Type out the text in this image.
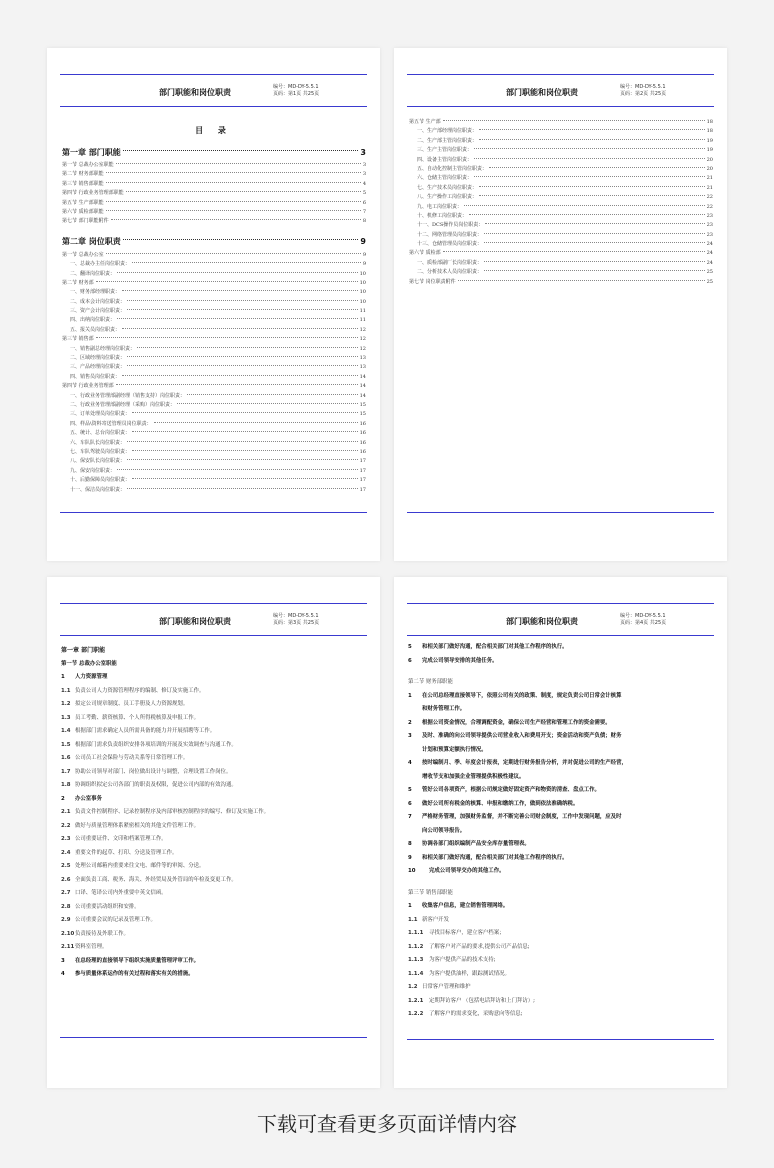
部门职能和岗位职责
编号：MD-DY-5.5.1
页码：第1页 共25页
目 录
第一章 部门职能	3
第一节 总裁办公室职能	3
第二节 财务部职能	3
第三节 销售部职能	4
第四节 行政业务管理部职能	5
第五节 生产部职能	6
第六节 质检部职能	7
第七节 部门职能附件	8
第二章 岗位职责	9
第一节 总裁办公室	9
一、总裁办主任岗位职责：	9
二、翻译岗位职责：	10
第二节 财务部	10
一、财务部经理职责：	10
二、成本会计岗位职责：	10
三、资产会计岗位职责：	11
四、出纳岗位职责：	11
五、报关员岗位职责：	12
第三节 销售部	12
一、销售副总经理岗位职责：	12
二、区域经理岗位职责：	13
三、产品经理岗位职责：	13
四、销售员岗位职责：	14
第四节 行政业务管理部	14
一、行政业务管理部副经理（销售支持）岗位职责：	14
二、行政业务管理部副经理（采购）岗位职责：	15
三、订单处理员岗位职责：	15
四、样品\资料寄送管理员岗位职责：	16
五、统计、总台岗位职责：	16
六、车队队长岗位职责：	16
七、车队驾驶员岗位职责：	16
八、保安队长岗位职责：	17
九、保安岗位职责：	17
十、后勤保障员岗位职责：	17
十一、保洁员岗位职责：	17
部门职能和岗位职责
编号：MD-DY-5.5.1
页码：第2页 共25页
第五节 生产部	18
一、生产部经理岗位职责：	18
二、生产部主管岗位职责：	19
三、生产主管岗位职责：	19
四、设备主管岗位职责：	20
五、自动化控制主管岗位职责：	20
六、仓储主管岗位职责：	21
七、生产技术员岗位职责：	21
八、生产操作工岗位职责：	22
九、电工岗位职责：	22
十、机修工岗位职责：	23
十一、DCS操作员岗位职责：	23
十二、网络管理员岗位职责：	23
十三、仓储管理员岗位职责：	24
第六节 质检部	24
一、质检部副厂长岗位职责：	24
二、分析技术人员岗位职责：	25
第七节 岗位职责附件	25
部门职能和岗位职责
编号：MD-DY-5.5.1
页码：第3页 共25页
第一章 部门职能
第一节 总裁办公室职能
1 人力资源管理
1.1 负责公司人力资源管理程序的编制、修订及实施工作。
1.2 拟定公司规章制度、员工手册及人力资源规划。
1.3 员工考勤、薪资核算、个人所得税核算及申报工作。
1.4 根据部门需求确定人员所需具备的能力并开展招聘等工作。
1.5 根据部门需求负责组织安排各项培训的开展及实效调查与沟通工作。
1.6 公司员工社会保险与劳动关系等日常管理工作。
1.7 协助公司领导对部门、岗位做出设计与调整，合理设置工作岗位。
1.8 协调组织拟定公司各部门的职责及权限，促进公司内部的有效沟通。
2 办公室事务
2.1 负责文件控制程序、记录控制程序及内部审核控制程序的编写、修订及实施工作。
2.2 做好与质量管理体系紧密相关的其他文件管理工作。
2.3 公司重要证件、文印和档案管理工作。
2.4 重要文件的起草、打印、分送及管理工作。
2.5 处理公司邮箱内重要来往文电、邮件等的审阅、分送。
2.6 全面负责工商、税务、海关、外经贸局及外管局的年检及变更工作。
2.7 口译、笔译公司内外重要中英文信函。
2.8 公司重要活动组织和安排。
2.9 公司重要会议的记录及管理工作。
2.10负责接待及外联工作。
2.11资料室管理。
3 在总经理的直接领导下组织实施质量管理评审工作。
4 参与质量体系运作的有关过程和落实有关的措施。
部门职能和岗位职责
编号：MD-DY-5.5.1
页码：第4页 共25页
5 和相关部门做好沟通，配合相关部门对其他工作程序的执行。
6 完成公司领导安排的其他任务。
第二节 财务部职能
1 在公司总经理直接领导下，依照公司有关的政策、制度，规定负责公司日常会计核算
和财务管理工作。
2 根据公司资金情况，合理调配资金，确保公司生产经营和管理工作的资金需要。
3 及时、准确的向公司领导提供公司营业收入和费用开支；资金活动和资产负债；财务
计划和预算定额执行情况。
4 按时编制月、季、年度会计报表，定期进行财务报告分析，并对促进公司的生产经营，
增收节支和加强企业管理提供积极性建议。
5 管好公司各项资产，根据公司规定做好固定资产和物资的清查、盘点工作。
6 做好公司所有税金的核算、申报和缴纳工作，做到依法准确纳税。
7 严格财务管理，加强财务监督，并不断完善公司财会制度，工作中发现问题，应及时
向公司领导报告。
8 协调各部门组织编制产品安全库存量管理表。
9 和相关部门做好沟通，配合相关部门对其他工作程序的执行。
10 完成公司领导交办的其他工作。
第三节 销售部职能
1 收集客户信息，建立销售管理网络。
1.1 新客户开发
1.1.1 寻找目标客户，建立客户档案；
1.1.2 了解客户对产品的要求,提供公司产品信息;
1.1.3 为客户提供产品的技术支持;
1.1.4 为客户提供油样，跟踪测试情况。
1.2 日常客户管理和维护
1.2.1 定期拜访客户 （包括电话拜访和上门拜访）;
1.2.2 了解客户的需求变化，采购意向等信息;
下载可查看更多页面详情内容
